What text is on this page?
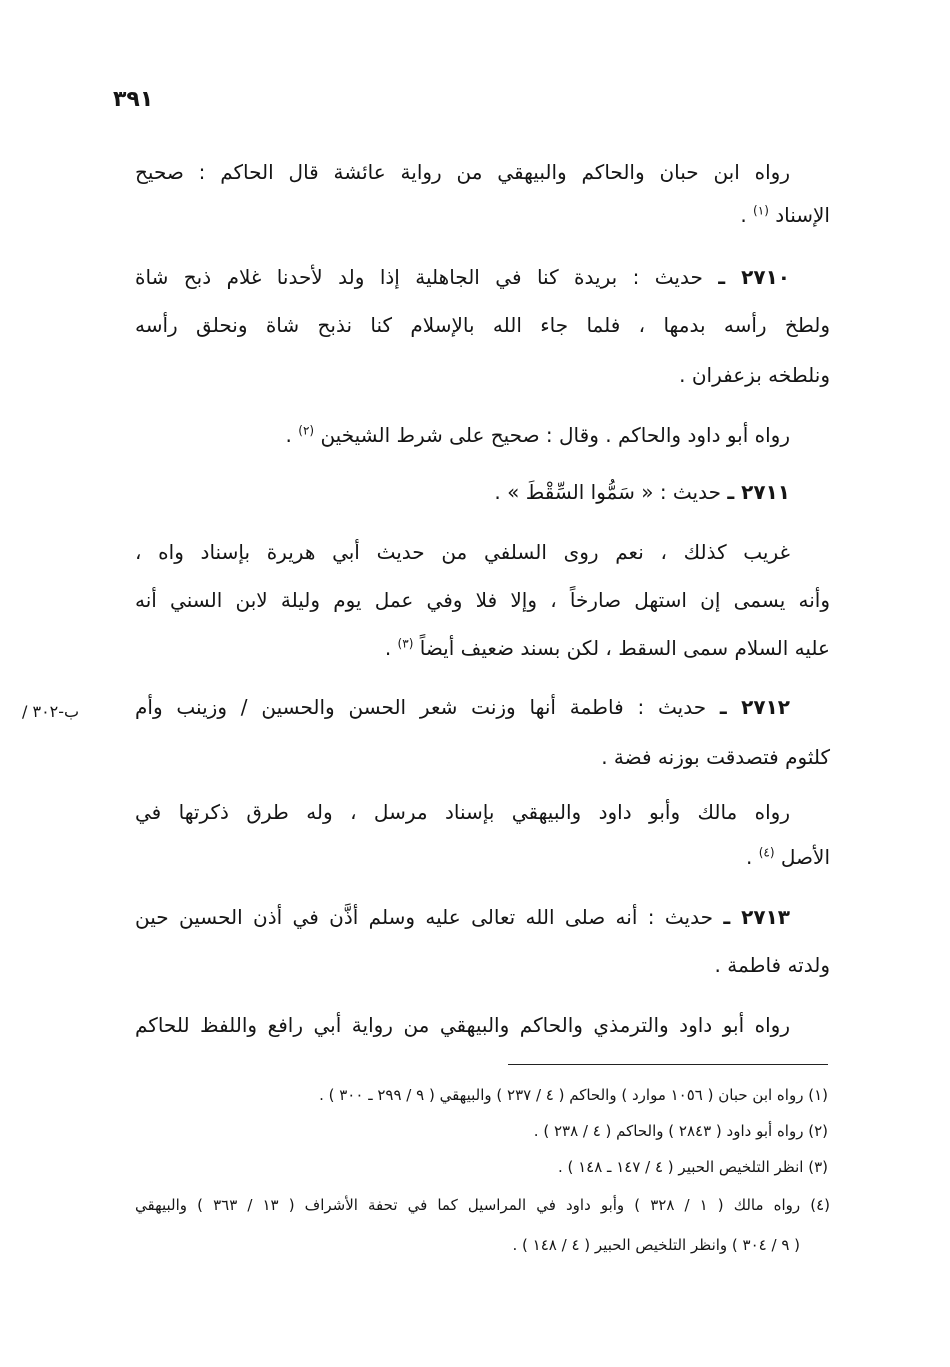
٣٩١
/ ٣٠٢-ب
رواه ابن حبان والحاكم والبيهقي من رواية عائشة قال الحاكم : صحيح
الإسناد $^{(١)}$ .
٢٧١٠ ـ حديث : بريدة كنا في الجاهلية إذا ولد لأحدنا غلام ذبح شاة
ولطخ رأسه بدمها ، فلما جاء الله بالإسلام كنا نذبح شاة ونحلق رأسه
ونلطخه بزعفران .
رواه أبو داود والحاكم . وقال : صحيح على شرط الشيخين $^{(٢)}$ .
٢٧١١ ـ حديث : « سَمُّوا السِّقْطَ » .
غريب كذلك ، نعم روى السلفي من حديث أبي هريرة بإسناد واه ،
وأنه يسمى إن استهل صارخاً ، وإلا فلا وفي عمل يوم وليلة لابن السني أنه
عليه السلام سمى السقط ، لكن بسند ضعيف أيضاً $^{(٣)}$ .
٢٧١٢ ـ حديث : فاطمة أنها وزنت شعر الحسن والحسين / وزينب وأم
كلثوم فتصدقت بوزنه فضة .
رواه مالك وأبو داود والبيهقي بإسناد مرسل ، وله طرق ذكرتها في
الأصل $^{(٤)}$ .
٢٧١٣ ـ حديث : أنه صلى الله تعالى عليه وسلم أذَّن في أذن الحسين حين
ولدته فاطمة .
رواه أبو داود والترمذي والحاكم والبيهقي من رواية أبي رافع واللفظ للحاكم
(١) رواه ابن حبان ( ١٠٥٦ موارد ) والحاكم ( ٤ / ٢٣٧ ) والبيهقي ( ٩ / ٢٩٩ ـ ٣٠٠ ) .
(٢) رواه أبو داود ( ٢٨٤٣ ) والحاكم ( ٤ / ٢٣٨ ) .
(٣) انظر التلخيص الحبير ( ٤ / ١٤٧ ـ ١٤٨ ) .
(٤) رواه مالك ( ١ / ٣٢٨ ) وأبو داود في المراسيل كما في تحفة الأشراف ( ١٣ / ٣٦٣ ) والبيهقي
( ٩ / ٣٠٤ ) وانظر التلخيص الحبير ( ٤ / ١٤٨ ) .
